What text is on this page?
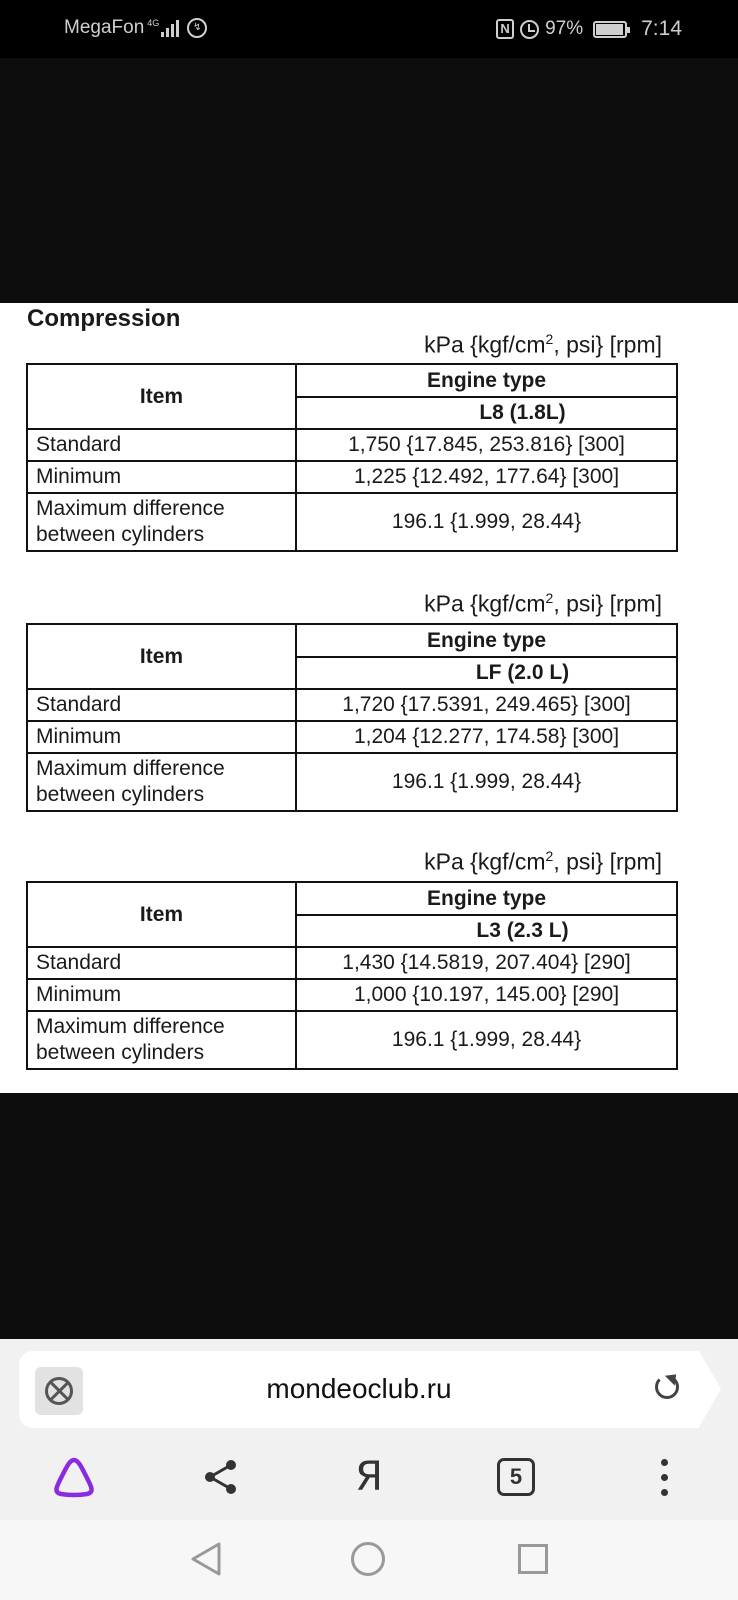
MegaFon 4G	↯	N 97%	7:14
Compression
kPa {$kgf/cm^2$, psi} [rpm]
Item	Engine type
	L8 (1.8L)
Standard	1,750 {17.845, 253.816} [300]
Minimum	1,225 {12.492, 177.64} [300]
Maximum difference
between cylinders	196.1 {1.999, 28.44}
kPa {$kgf/cm^2$, psi} [rpm]
Item	Engine type
	LF (2.0 L)
Standard	1,720 {17.5391, 249.465} [300]
Minimum	1,204 {12.277, 174.58} [300]
Maximum difference
between cylinders	196.1 {1.999, 28.44}
kPa {$kgf/cm^2$, psi} [rpm]
Item	Engine type
	L3 (2.3 L)
Standard	1,430 {14.5819, 207.404} [290]
Minimum	1,000 {10.197, 145.00} [290]
Maximum difference
between cylinders	196.1 {1.999, 28.44}
mondeoclub.ru
Я	5
